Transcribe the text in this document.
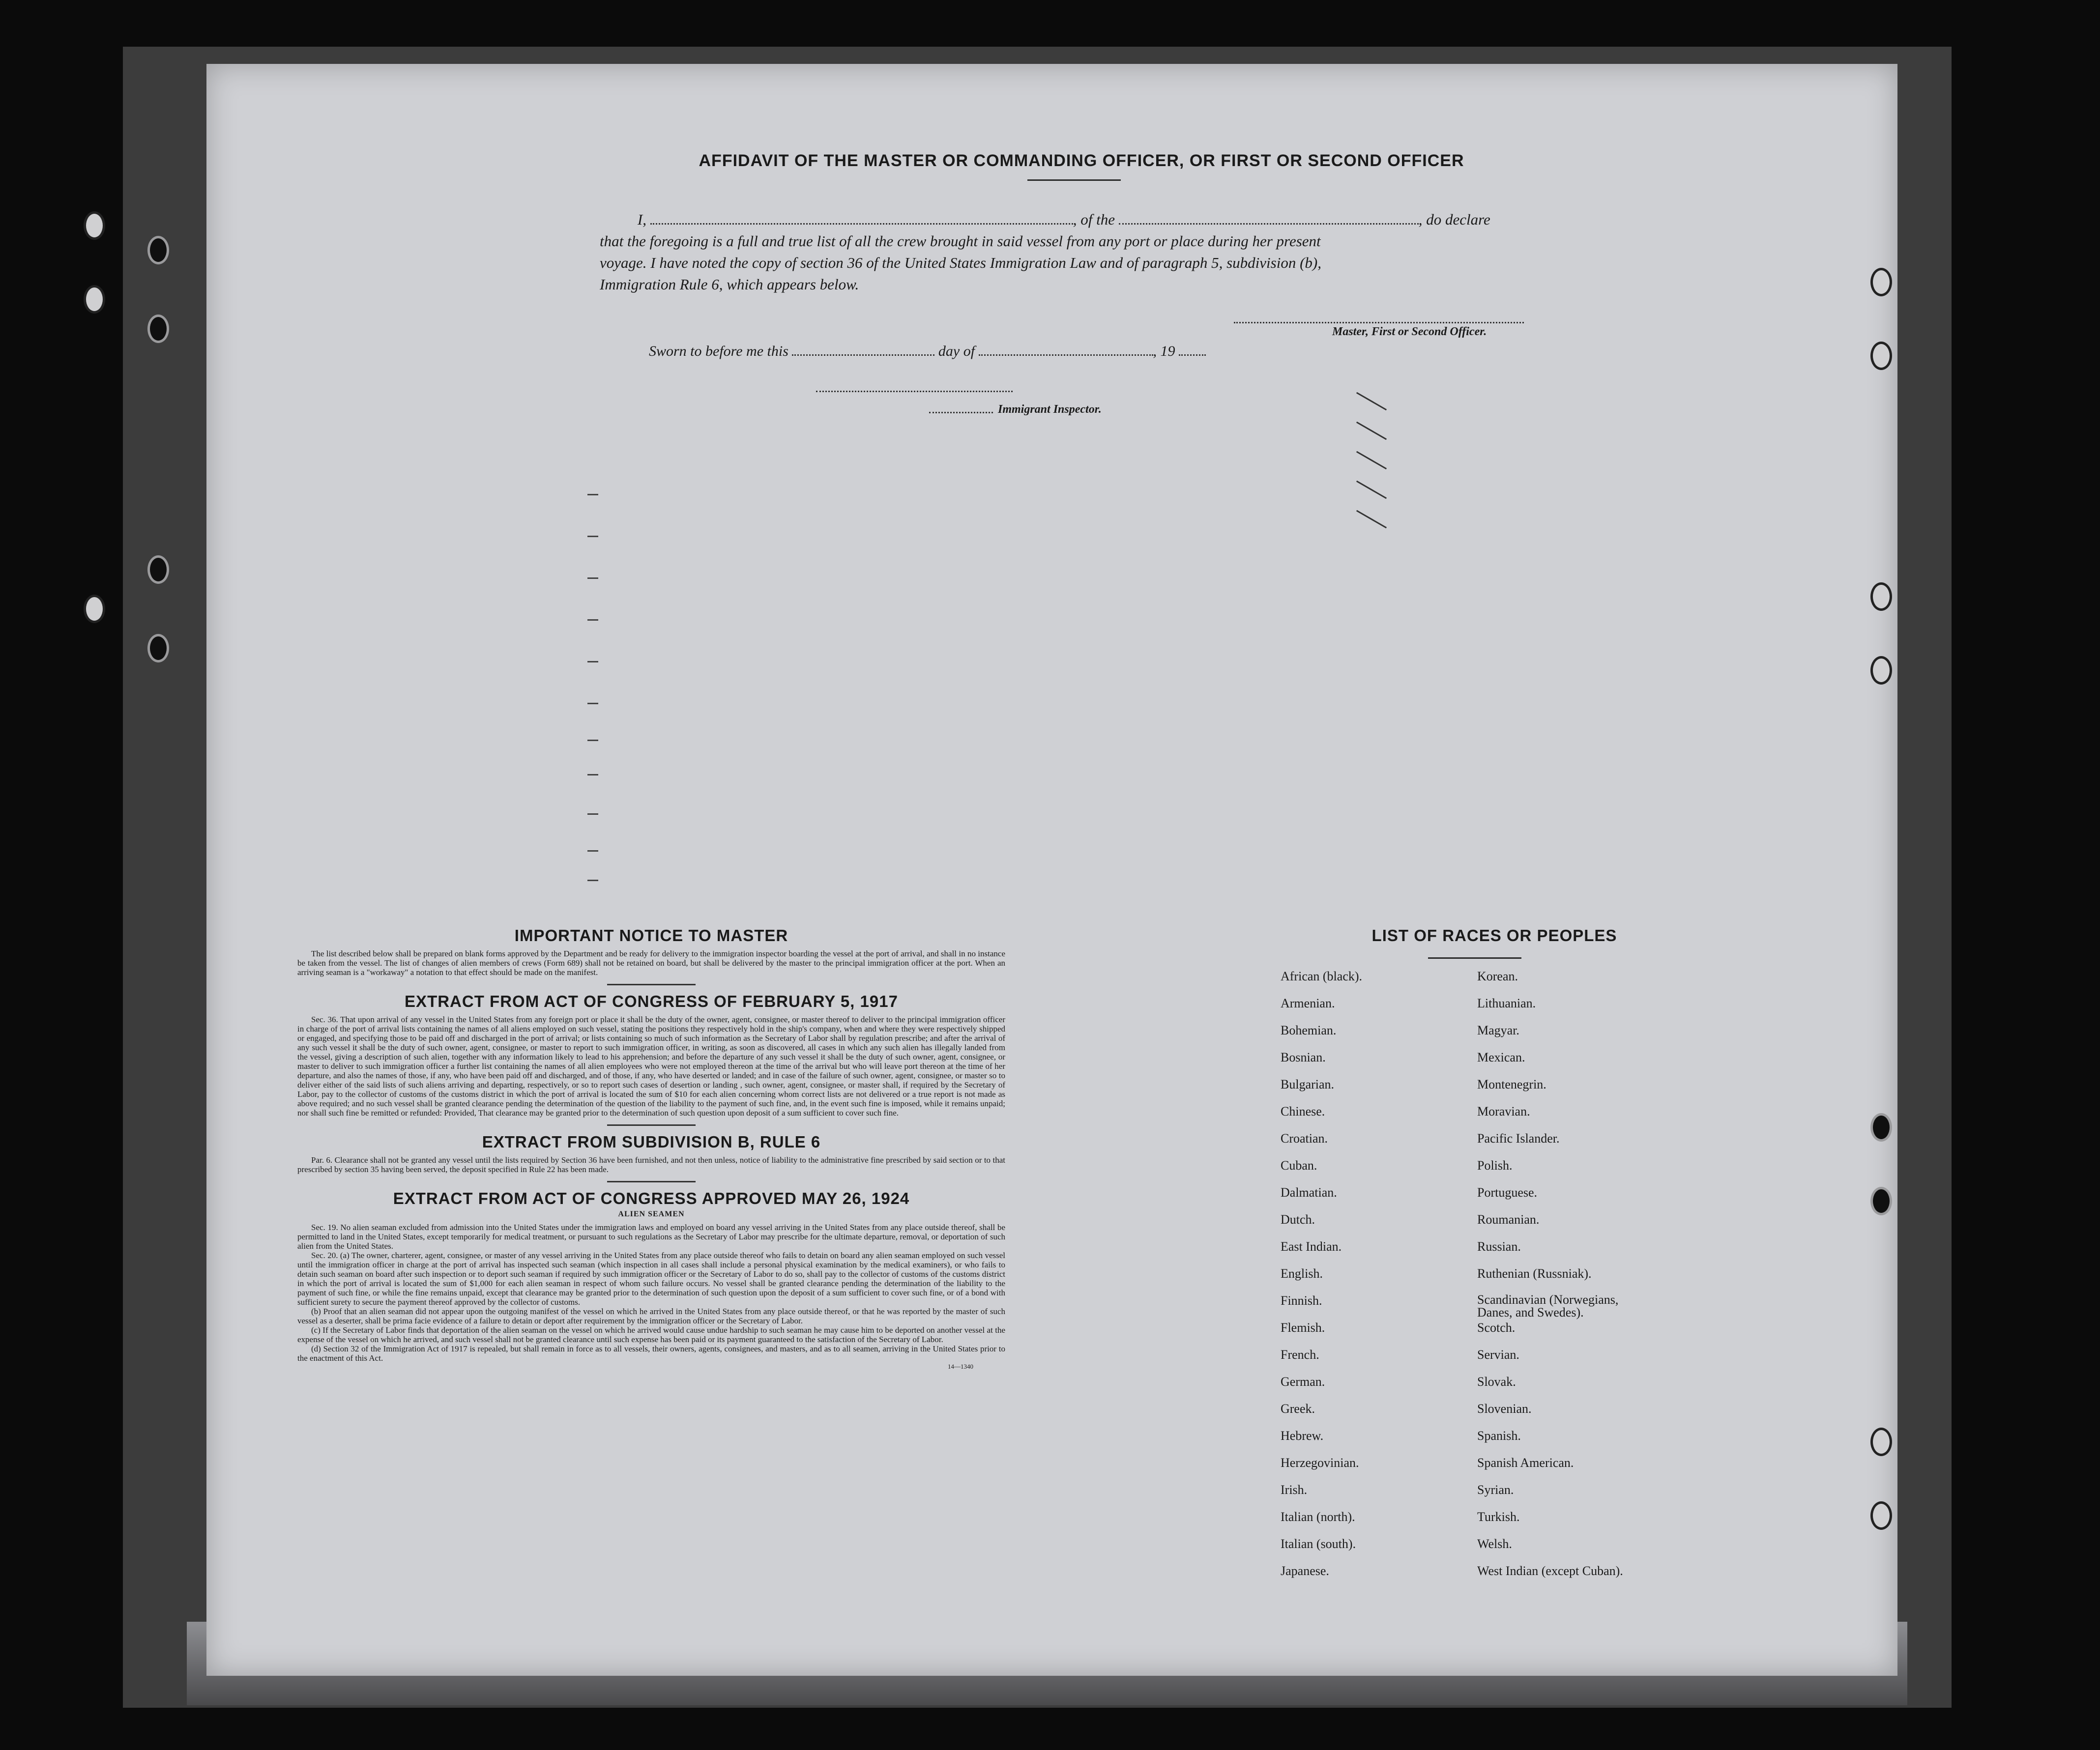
AFFIDAVIT OF THE MASTER OR COMMANDING OFFICER, OR FIRST OR SECOND OFFICER
I,	, of the	, do declare
that the foregoing is a full and true list of all the crew brought in said vessel from any port or place during her present
voyage. I have noted the copy of section 36 of the United States Immigration Law and of paragraph 5, subdivision (b),
Immigration Rule 6, which appears below.
Master, First or Second Officer.
Sworn to before me this	day of	, 19
Immigrant Inspector.
IMPORTANT NOTICE TO MASTER

The list described below shall be prepared on blank forms approved by the Department and be ready for delivery to the immigration inspector boarding the vessel at the port of arrival, and shall in no instance be taken from the vessel. The list of changes of alien members of crews (Form 689) shall not be retained on board, but shall be delivered by the master to the principal immigration officer at the port. When an arriving seaman is a "workaway" a notation to that effect should be made on the manifest.

EXTRACT FROM ACT OF CONGRESS OF FEBRUARY 5, 1917

Sec. 36. That upon arrival of any vessel in the United States from any foreign port or place it shall be the duty of the owner, agent, consignee, or master thereof to deliver to the principal immigration officer in charge of the port of arrival lists containing the names of all aliens employed on such vessel, stating the positions they respectively hold in the ship's company, when and where they were respectively shipped or engaged, and specifying those to be paid off and discharged in the port of arrival; or lists containing so much of such information as the Secretary of Labor shall by regulation prescribe; and after the arrival of any such vessel it shall be the duty of such owner, agent, consignee, or master to report to such immigration officer, in writing, as soon as discovered, all cases in which any such alien has illegally landed from the vessel, giving a description of such alien, together with any information likely to lead to his apprehension; and before the departure of any such vessel it shall be the duty of such owner, agent, consignee, or master to deliver to such immigration officer a further list containing the names of all alien employees who were not employed thereon at the time of the arrival but who will leave port thereon at the time of her departure, and also the names of those, if any, who have been paid off and discharged, and of those, if any, who have deserted or landed; and in case of the failure of such owner, agent, consignee, or master so to deliver either of the said lists of such aliens arriving and departing, respectively, or so to report such cases of desertion or landing , such owner, agent, consignee, or master shall, if required by the Secretary of Labor, pay to the collector of customs of the customs district in which the port of arrival is located the sum of $10 for each alien concerning whom correct lists are not delivered or a true report is not made as above required; and no such vessel shall be granted clearance pending the determination of the question of the liability to the payment of such fine, and, in the event such fine is imposed, while it remains unpaid; nor shall such fine be remitted or refunded: Provided, That clearance may be granted prior to the determination of such question upon deposit of a sum sufficient to cover such fine.

EXTRACT FROM SUBDIVISION B, RULE 6

Par. 6. Clearance shall not be granted any vessel until the lists required by Section 36 have been furnished, and not then unless, notice of liability to the administrative fine prescribed by said section or to that prescribed by section 35 having been served, the deposit specified in Rule 22 has been made.

EXTRACT FROM ACT OF CONGRESS APPROVED MAY 26, 1924
ALIEN SEAMEN

Sec. 19. No alien seaman excluded from admission into the United States under the immigration laws and employed on board any vessel arriving in the United States from any place outside thereof, shall be permitted to land in the United States, except temporarily for medical treatment, or pursuant to such regulations as the Secretary of Labor may prescribe for the ultimate departure, removal, or deportation of such alien from the United States.

Sec. 20. (a) The owner, charterer, agent, consignee, or master of any vessel arriving in the United States from any place outside thereof who fails to detain on board any alien seaman employed on such vessel until the immigration officer in charge at the port of arrival has inspected such seaman (which inspection in all cases shall include a personal physical examination by the medical examiners), or who fails to detain such seaman on board after such inspection or to deport such seaman if required by such immigration officer or the Secretary of Labor to do so, shall pay to the collector of customs of the customs district in which the port of arrival is located the sum of $1,000 for each alien seaman in respect of whom such failure occurs. No vessel shall be granted clearance pending the determination of the liability to the payment of such fine, or while the fine remains unpaid, except that clearance may be granted prior to the determination of such question upon the deposit of a sum sufficient to cover such fine, or of a bond with sufficient surety to secure the payment thereof approved by the collector of customs.

(b) Proof that an alien seaman did not appear upon the outgoing manifest of the vessel on which he arrived in the United States from any place outside thereof, or that he was reported by the master of such vessel as a deserter, shall be prima facie evidence of a failure to detain or deport after requirement by the immigration officer or the Secretary of Labor.

(c) If the Secretary of Labor finds that deportation of the alien seaman on the vessel on which he arrived would cause undue hardship to such seaman he may cause him to be deported on another vessel at the expense of the vessel on which he arrived, and such vessel shall not be granted clearance until such expense has been paid or its payment guaranteed to the satisfaction of the Secretary of Labor.

(d) Section 32 of the Immigration Act of 1917 is repealed, but shall remain in force as to all vessels, their owners, agents, consignees, and masters, and as to all seamen, arriving in the United States prior to the enactment of this Act.

14—1340
LIST OF RACES OR PEOPLES
African (black).	Korean.
Armenian.	Lithuanian.
Bohemian.	Magyar.
Bosnian.	Mexican.
Bulgarian.	Montenegrin.
Chinese.	Moravian.
Croatian.	Pacific Islander.
Cuban.	Polish.
Dalmatian.	Portuguese.
Dutch.	Roumanian.
East Indian.	Russian.
English.	Ruthenian (Russniak).
Finnish.	Scandinavian (Norwegians, Danes, and Swedes).
Flemish.	Scotch.
French.	Servian.
German.	Slovak.
Greek.	Slovenian.
Hebrew.	Spanish.
Herzegovinian.	Spanish American.
Irish.	Syrian.
Italian (north).	Turkish.
Italian (south).	Welsh.
Japanese.	West Indian (except Cuban).
